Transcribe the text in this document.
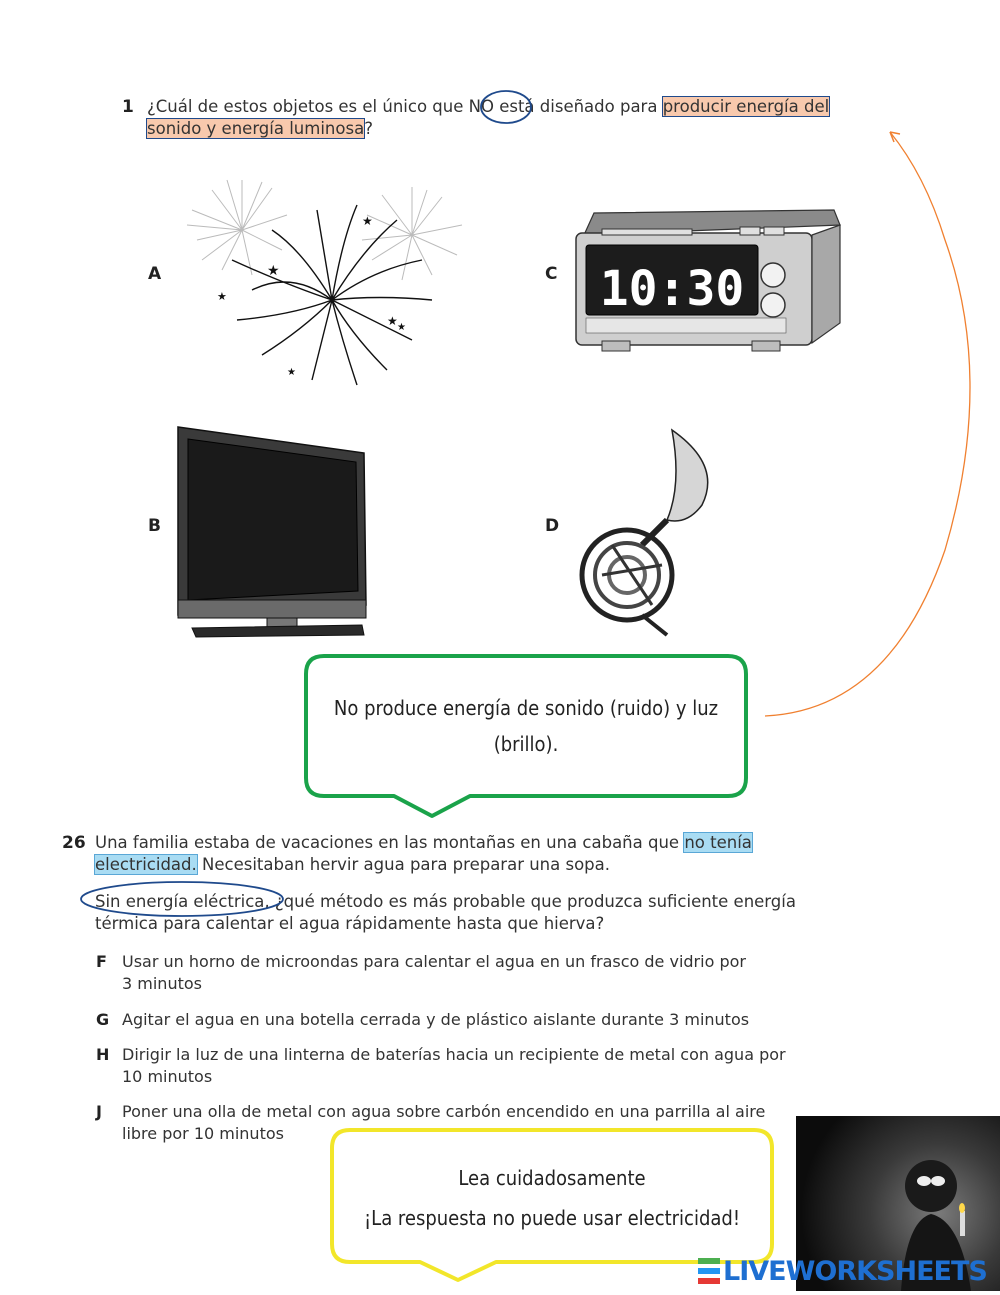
1 ¿Cuál de estos objetos es el único que NO está diseñado para producir energía del
sonido y energía luminosa?
A	C
B	D
★
★
★
★
★
★
10:30
No produce energía de sonido (ruido) y luz
(brillo).
26 Una familia estaba de vacaciones en las montañas en una cabaña que no tenía
electricidad. Necesitaban hervir agua para preparar una sopa.
Sin energía eléctrica, ¿qué método es más probable que produzca suficiente energía
térmica para calentar el agua rápidamente hasta que hierva?
F Usar un horno de microondas para calentar el agua en un frasco de vidrio por
3 minutos
G Agitar el agua en una botella cerrada y de plástico aislante durante 3 minutos
H Dirigir la luz de una linterna de baterías hacia un recipiente de metal con agua por
10 minutos
J Poner una olla de metal con agua sobre carbón encendido en una parrilla al aire
libre por 10 minutos
Lea cuidadosamente
¡La respuesta no puede usar electricidad!
LIVEWORKSHEETS
